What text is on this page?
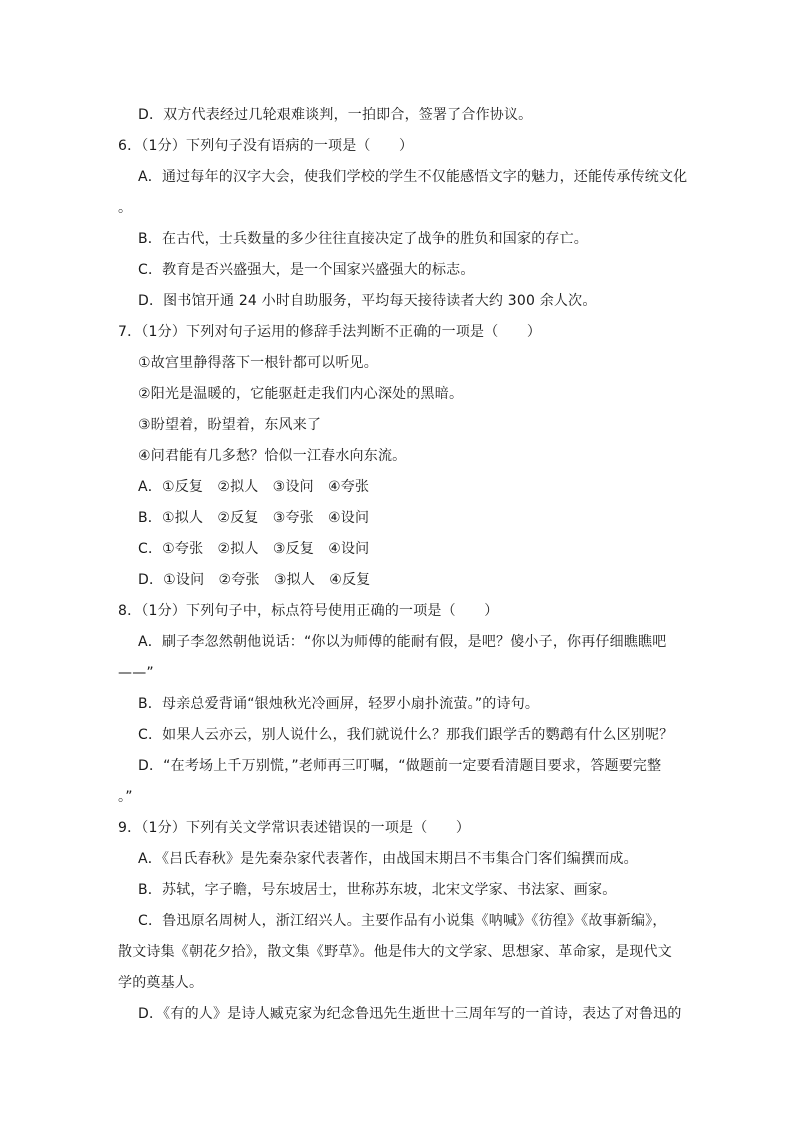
D．双方代表经过几轮艰难谈判，一拍即合，签署了合作协议。
6．（1分）下列句子没有语病的一项是（　　）
A．通过每年的汉字大会，使我们学校的学生不仅能感悟文字的魅力，还能传承传统文化
。
B．在古代，士兵数量的多少往往直接决定了战争的胜负和国家的存亡。
C．教育是否兴盛强大，是一个国家兴盛强大的标志。
D．图书馆开通 24 小时自助服务，平均每天接待读者大约 300 余人次。
7．（1分）下列对句子运用的修辞手法判断不正确的一项是（　　）
①故宫里静得落下一根针都可以听见。
②阳光是温暖的，它能驱赶走我们内心深处的黑暗。
③盼望着，盼望着，东风来了
④问君能有几多愁？恰似一江春水向东流。
A．①反复　②拟人　③设问　④夸张
B．①拟人　②反复　③夸张　④设问
C．①夸张　②拟人　③反复　④设问
D．①设问　②夸张　③拟人　④反复
8．（1分）下列句子中，标点符号使用正确的一项是（　　）
A．刷子李忽然朝他说话：“你以为师傅的能耐有假，是吧？傻小子，你再仔细瞧瞧吧
——”
B．母亲总爱背诵“银烛秋光冷画屏，轻罗小扇扑流萤。”的诗句。
C．如果人云亦云，别人说什么，我们就说什么？那我们跟学舌的鹦鹉有什么区别呢？
D．“在考场上千万别慌，”老师再三叮嘱，“做题前一定要看清题目要求，答题要完整
。”
9．（1分）下列有关文学常识表述错误的一项是（　　）
A．《吕氏春秋》是先秦杂家代表著作，由战国末期吕不韦集合门客们编撰而成。
B．苏轼，字子瞻，号东坡居士，世称苏东坡，北宋文学家、书法家、画家。
C．鲁迅原名周树人，浙江绍兴人。主要作品有小说集《呐喊》《彷徨》《故事新编》，
散文诗集《朝花夕拾》，散文集《野草》。他是伟大的文学家、思想家、革命家，是现代文
学的奠基人。
D．《有的人》是诗人臧克家为纪念鲁迅先生逝世十三周年写的一首诗，表达了对鲁迅的
